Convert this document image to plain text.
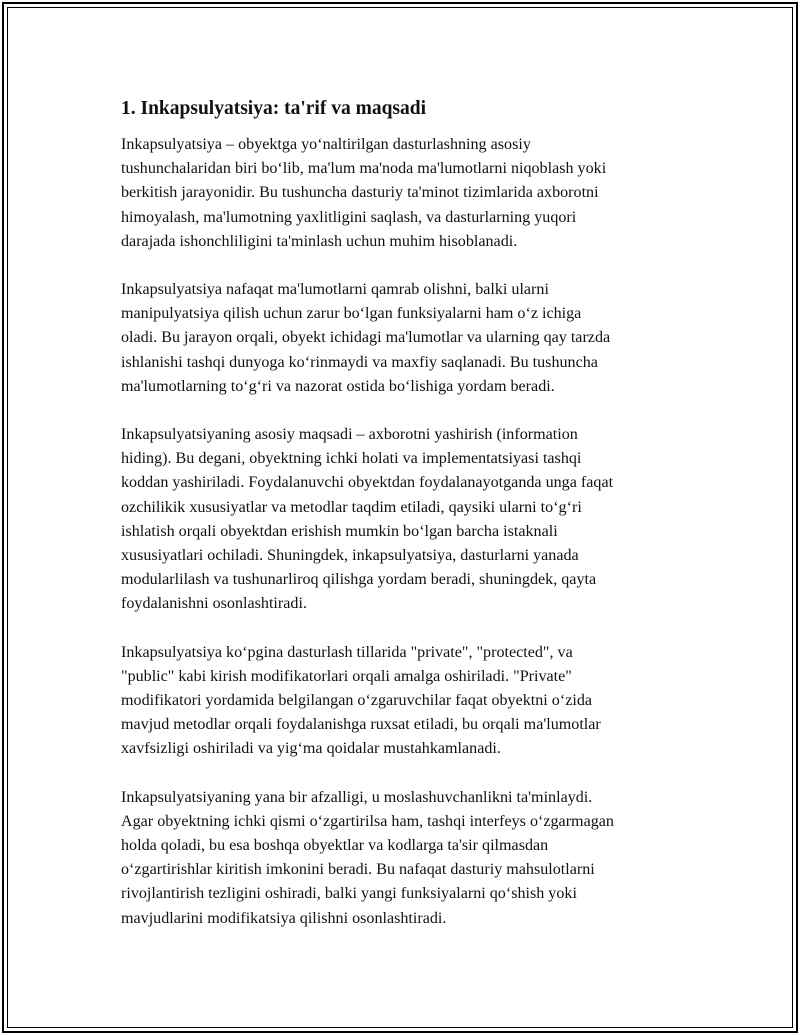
1. Inkapsulyatsiya: ta'rif va maqsadi

Inkapsulyatsiya – obyektga yoʻnaltirilgan dasturlashning asosiy
tushunchalaridan biri boʻlib, ma'lum ma'noda ma'lumotlarni niqoblash yoki
berkitish jarayonidir. Bu tushuncha dasturiy ta'minot tizimlarida axborotni
himoyalash, ma'lumotning yaxlitligini saqlash, va dasturlarning yuqori
darajada ishonchliligini ta'minlash uchun muhim hisoblanadi.

Inkapsulyatsiya nafaqat ma'lumotlarni qamrab olishni, balki ularni
manipulyatsiya qilish uchun zarur boʻlgan funksiyalarni ham oʻz ichiga
oladi. Bu jarayon orqali, obyekt ichidagi ma'lumotlar va ularning qay tarzda
ishlanishi tashqi dunyoga koʻrinmaydi va maxfiy saqlanadi. Bu tushuncha
ma'lumotlarning toʻgʻri va nazorat ostida boʻlishiga yordam beradi.

Inkapsulyatsiyaning asosiy maqsadi – axborotni yashirish (information
hiding). Bu degani, obyektning ichki holati va implementatsiyasi tashqi
koddan yashiriladi. Foydalanuvchi obyektdan foydalanayotganda unga faqat
ozchilikik xususiyatlar va metodlar taqdim etiladi, qaysiki ularni toʻgʻri
ishlatish orqali obyektdan erishish mumkin boʻlgan barcha istaknali
xususiyatlari ochiladi. Shuningdek, inkapsulyatsiya, dasturlarni yanada
modularlilash va tushunarliroq qilishga yordam beradi, shuningdek, qayta
foydalanishni osonlashtiradi.

Inkapsulyatsiya koʻpgina dasturlash tillarida "private", "protected", va
"public" kabi kirish modifikatorlari orqali amalga oshiriladi. "Private"
modifikatori yordamida belgilangan oʻzgaruvchilar faqat obyektni oʻzida
mavjud metodlar orqali foydalanishga ruxsat etiladi, bu orqali ma'lumotlar
xavfsizligi oshiriladi va yigʻma qoidalar mustahkamlanadi.

Inkapsulyatsiyaning yana bir afzalligi, u moslashuvchanlikni ta'minlaydi.
Agar obyektning ichki qismi oʻzgartirilsa ham, tashqi interfeys oʻzgarmagan
holda qoladi, bu esa boshqa obyektlar va kodlarga ta'sir qilmasdan
oʻzgartirishlar kiritish imkonini beradi. Bu nafaqat dasturiy mahsulotlarni
rivojlantirish tezligini oshiradi, balki yangi funksiyalarni qoʻshish yoki
mavjudlarini modifikatsiya qilishni osonlashtiradi.
